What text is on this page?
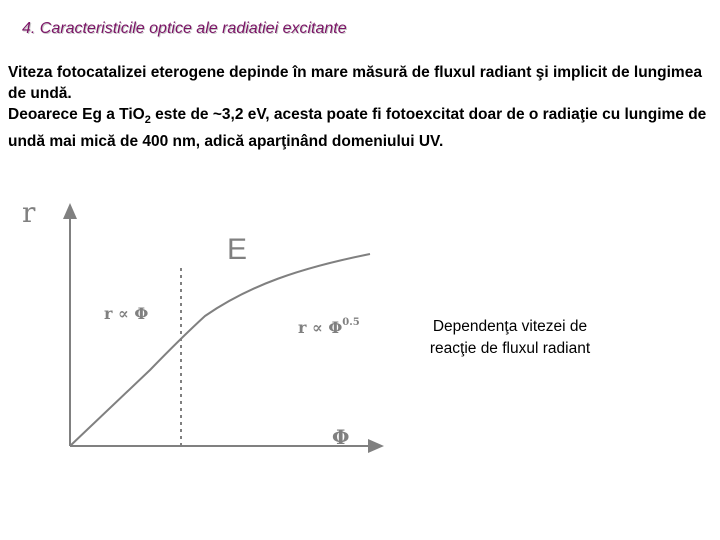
4. Caracteristicile optice ale radiatiei excitante

Viteza fotocatalizei eterogene depinde în mare măsură de fluxul radiant şi implicit de lungimea de undă.

Deoarece Eg a TiO$_2$ este de ~3,2 eV, acesta poate fi fotoexcitat doar de o radiaţie cu lungime de undă mai mică de 400 nm, adică aparţinând domeniului UV.

r
Φ
E
r ∝ Φ
$r \propto \Phi^{0.5}$	Dependenţa vitezei de reacţie de fluxul radiant
